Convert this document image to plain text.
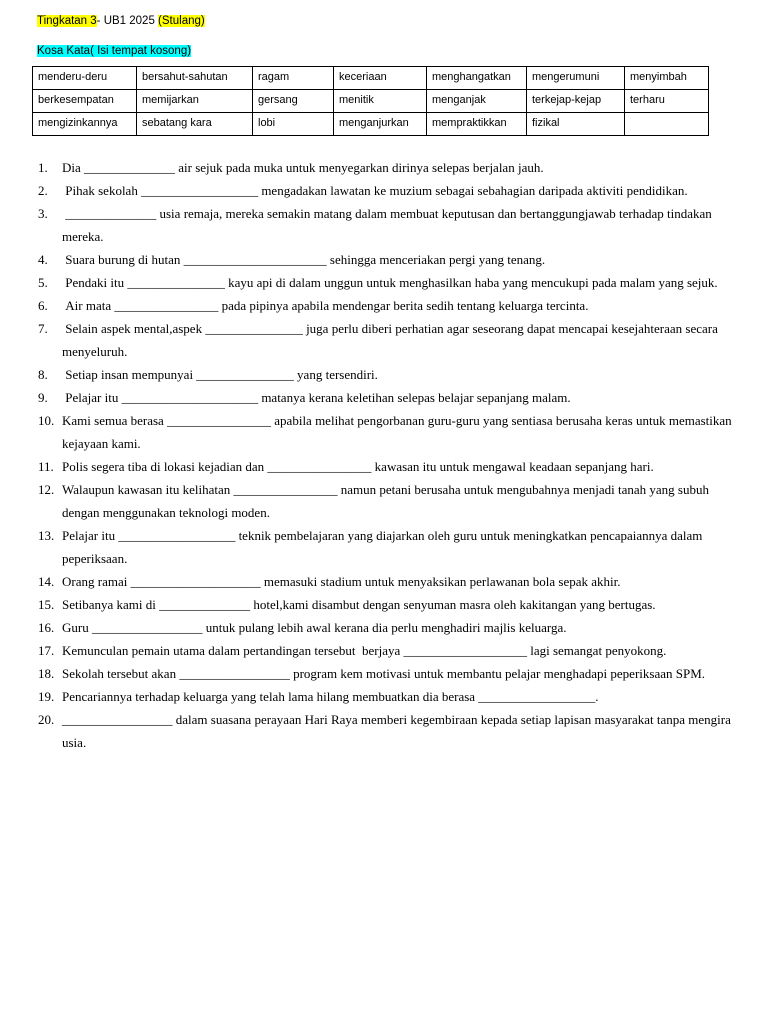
Tingkatan 3- UB1 2025 (Stulang)
Kosa Kata( Isi tempat kosong)
menderu-deru	bersahut-sahutan	ragam	keceriaan	menghangatkan	mengerumuni	menyimbah
berkesempatan	memijarkan	gersang	menitik	menganjak	terkejap-kejap	terharu
mengizinkannya	sebatang kara	lobi	menganjurkan	mempraktikkan	fizikal	
1. Dia ______________ air sejuk pada muka untuk menyegarkan dirinya selepas berjalan jauh.
2. Pihak sekolah __________________ mengadakan lawatan ke muzium sebagai sebahagian daripada aktiviti pendidikan.
3. ______________ usia remaja, mereka semakin matang dalam membuat keputusan dan bertanggungjawab terhadap tindakan mereka.
4. Suara burung di hutan ______________________ sehingga menceriakan pergi yang tenang.
5. Pendaki itu _______________ kayu api di dalam unggun untuk menghasilkan haba yang mencukupi pada malam yang sejuk.
6. Air mata ________________ pada pipinya apabila mendengar berita sedih tentang keluarga tercinta.
7. Selain aspek mental,aspek _______________ juga perlu diberi perhatian agar seseorang dapat mencapai kesejahteraan secara menyeluruh.
8. Setiap insan mempunyai _______________ yang tersendiri.
9. Pelajar itu _____________________ matanya kerana keletihan selepas belajar sepanjang malam.
10. Kami semua berasa ________________ apabila melihat pengorbanan guru-guru yang sentiasa berusaha keras untuk memastikan kejayaan kami.
11. Polis segera tiba di lokasi kejadian dan ________________ kawasan itu untuk mengawal keadaan sepanjang hari.
12. Walaupun kawasan itu kelihatan ________________ namun petani berusaha untuk mengubahnya menjadi tanah yang subuh dengan menggunakan teknologi moden.
13. Pelajar itu __________________ teknik pembelajaran yang diajarkan oleh guru untuk meningkatkan pencapaiannya dalam peperiksaan.
14. Orang ramai ____________________ memasuki stadium untuk menyaksikan perlawanan bola sepak akhir.
15. Setibanya kami di ______________ hotel,kami disambut dengan senyuman masra oleh kakitangan yang bertugas.
16. Guru _________________ untuk pulang lebih awal kerana dia perlu menghadiri majlis keluarga.
17. Kemunculan pemain utama dalam pertandingan tersebut  berjaya ___________________ lagi semangat penyokong.
18. Sekolah tersebut akan _________________ program kem motivasi untuk membantu pelajar menghadapi peperiksaan SPM.
19. Pencariannya terhadap keluarga yang telah lama hilang membuatkan dia berasa __________________.
20. _________________ dalam suasana perayaan Hari Raya memberi kegembiraan kepada setiap lapisan masyarakat tanpa mengira usia.
